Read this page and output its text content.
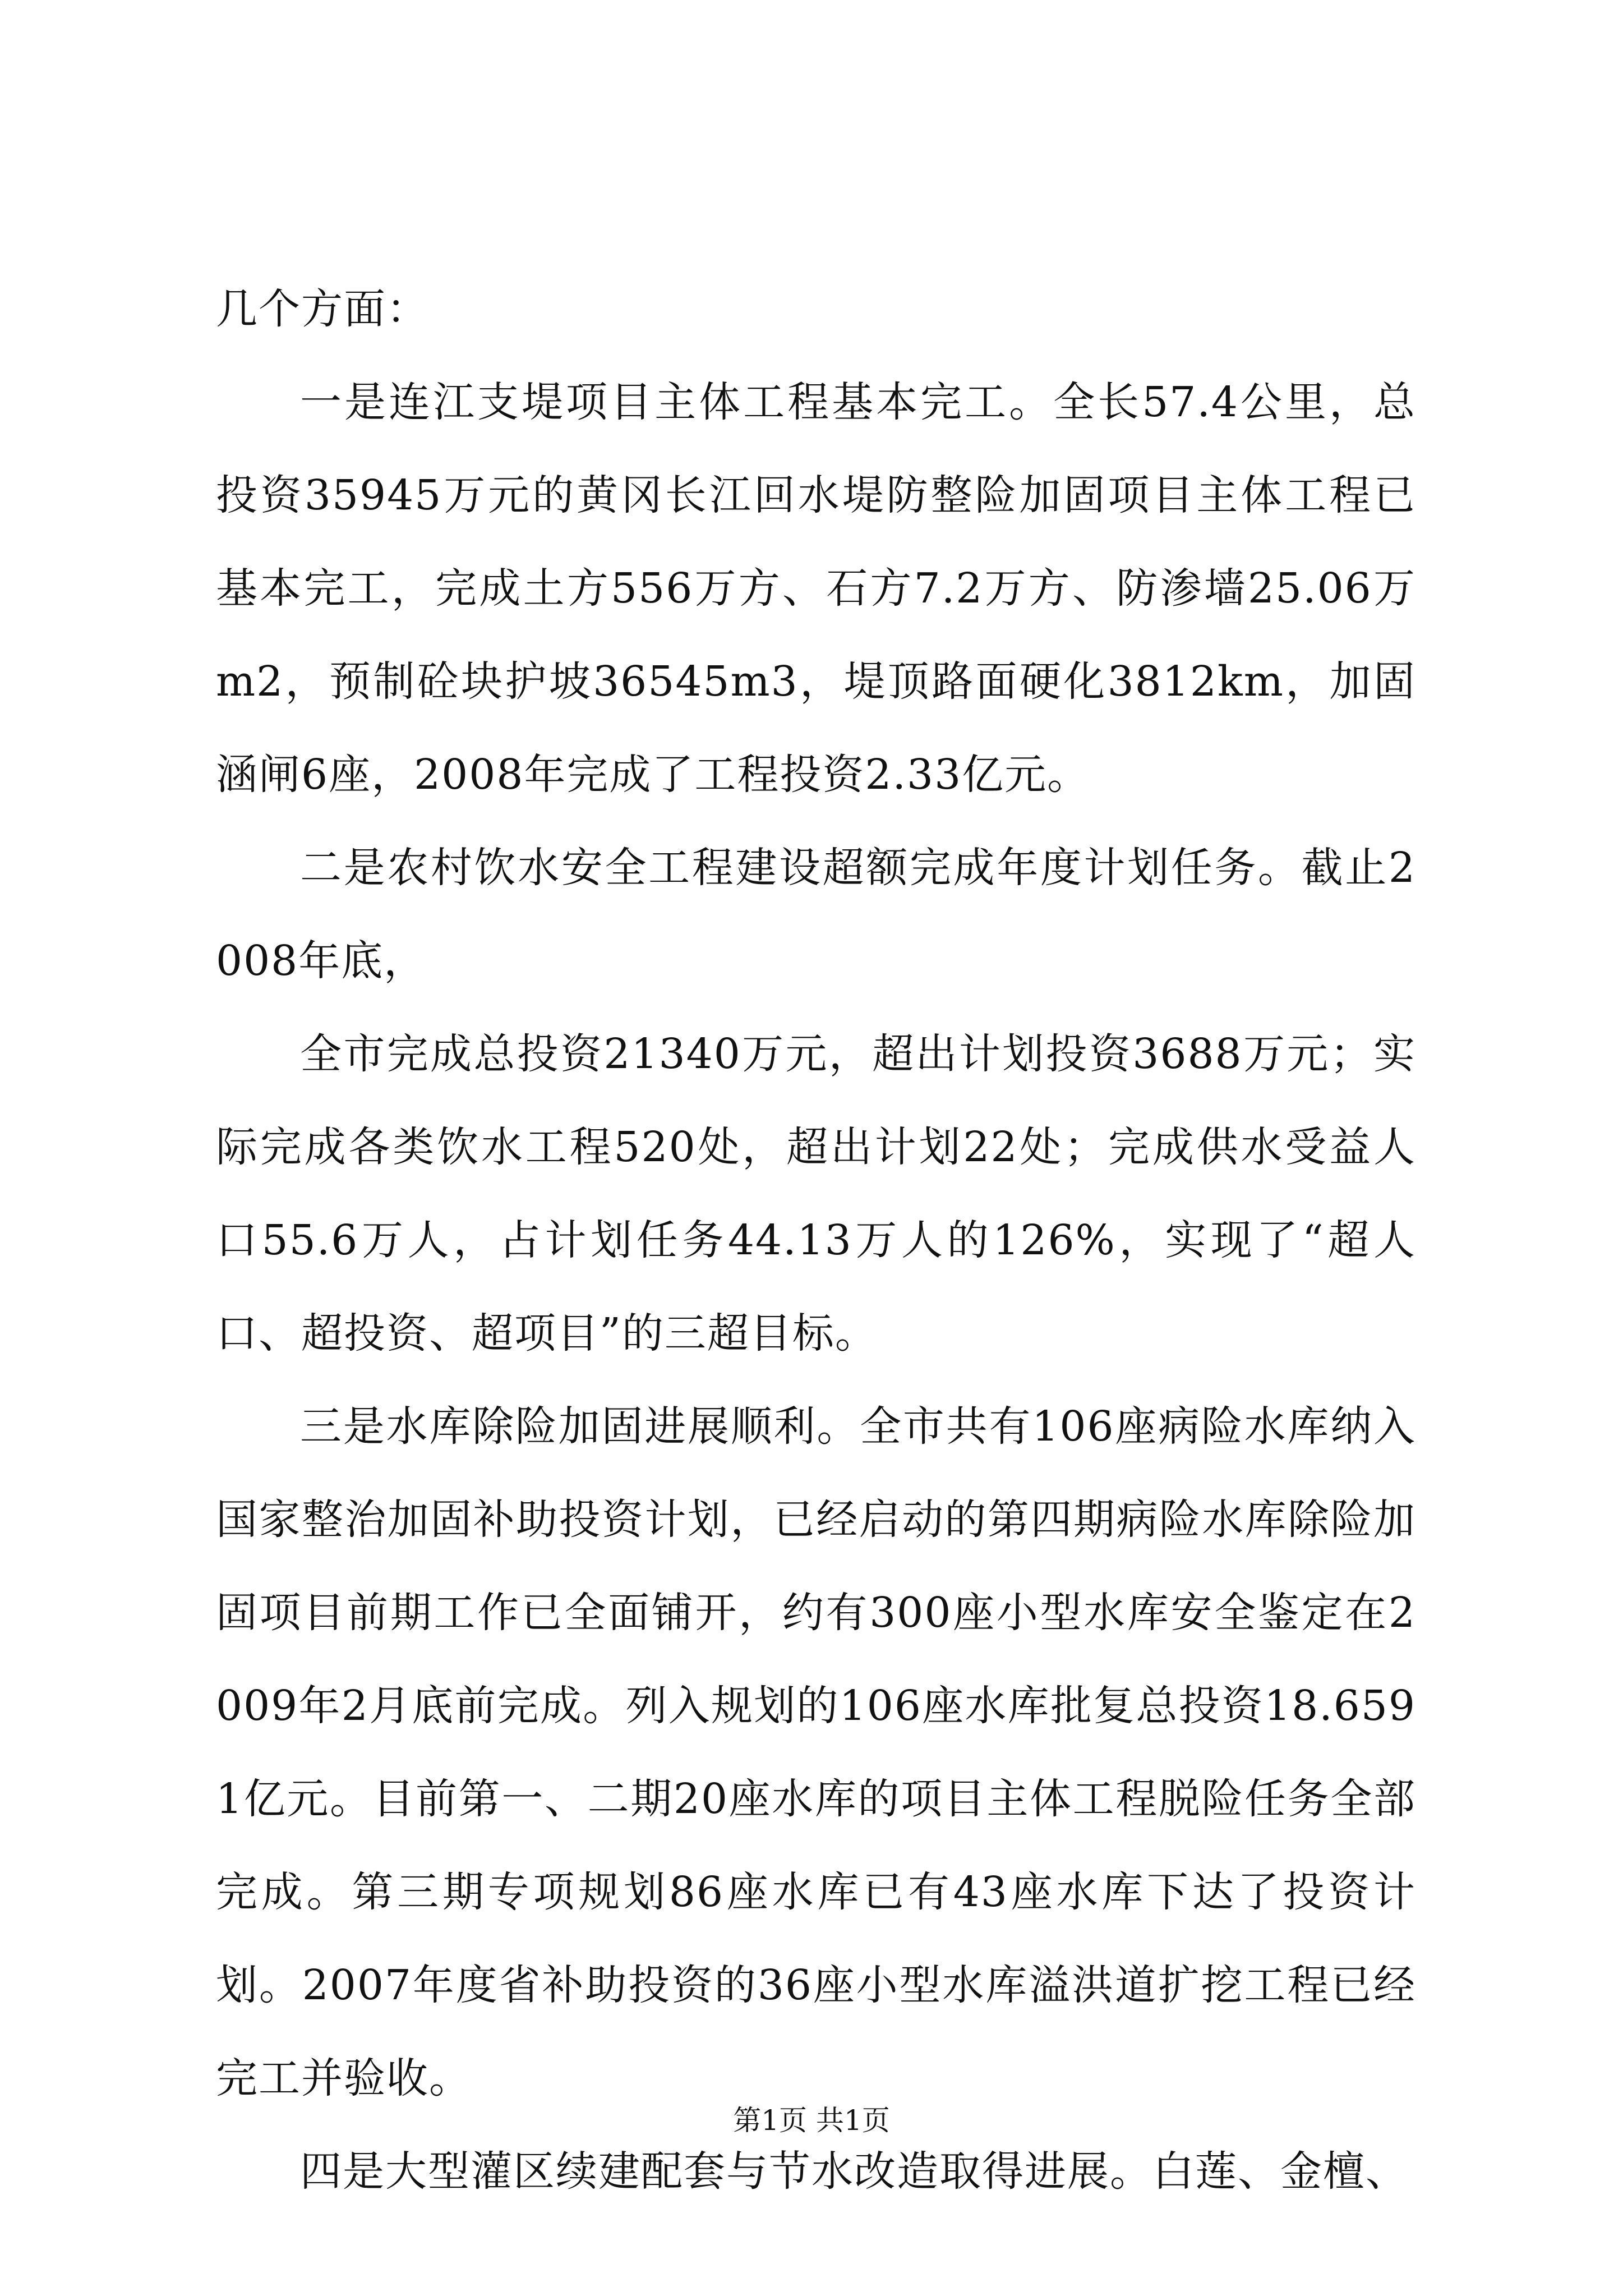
几个方面：

一是连江支堤项目主体工程基本完工。全长57.4公里，总投资35945万元的黄冈长江回水堤防整险加固项目主体工程已基本完工，完成土方556万方、石方7.2万方、防渗墙25.06万m2，预制砼块护坡36545m3，堤顶路面硬化3812km，加固涵闸6座，2008年完成了工程投资2.33亿元。

二是农村饮水安全工程建设超额完成年度计划任务。截止2008年底，

全市完成总投资21340万元，超出计划投资3688万元；实际完成各类饮水工程520处，超出计划22处；完成供水受益人口55.6万人，占计划任务44.13万人的126%，实现了“超人口、超投资、超项目”的三超目标。

三是水库除险加固进展顺利。全市共有106座病险水库纳入国家整治加固补助投资计划，已经启动的第四期病险水库除险加固项目前期工作已全面铺开，约有300座小型水库安全鉴定在2009年2月底前完成。列入规划的106座水库批复总投资18.6591亿元。目前第一、二期20座水库的项目主体工程脱险任务全部完成。第三期专项规划86座水库已有43座水库下达了投资计划。2007年度省补助投资的36座小型水库溢洪道扩挖工程已经完工并验收。

四是大型灌区续建配套与节水改造取得进展。白莲、金檀、

第1页 共1页
